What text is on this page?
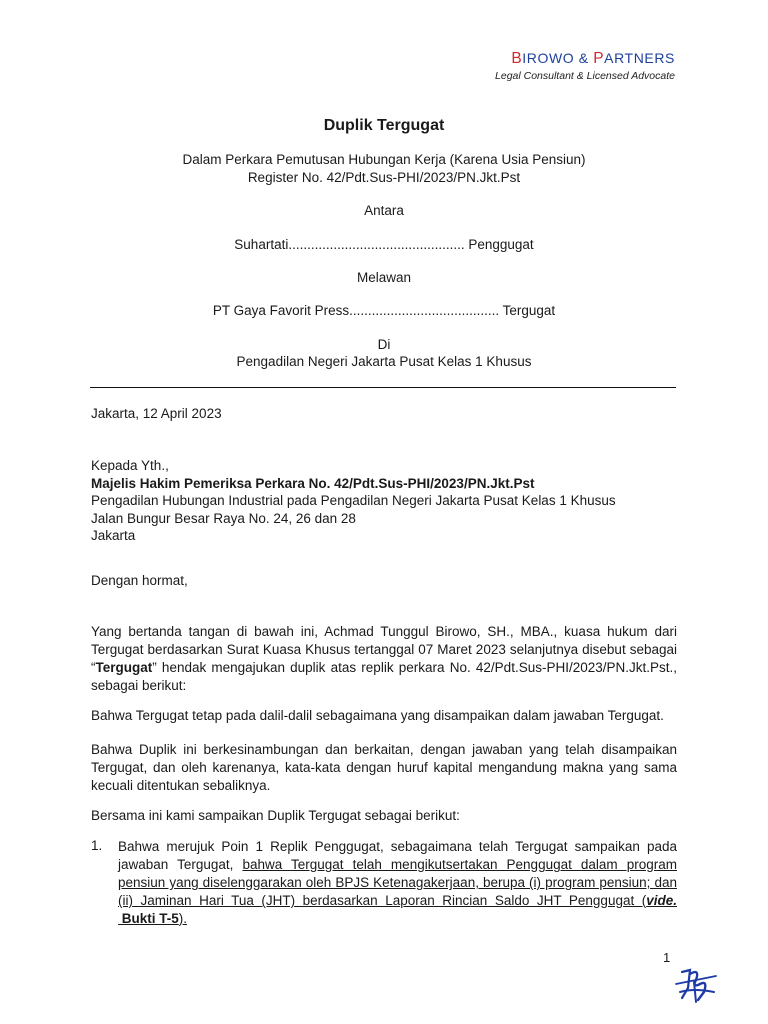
BIROWO & PARTNERS
Legal Consultant & Licensed Advocate
Duplik Tergugat
Dalam Perkara Pemutusan Hubungan Kerja (Karena Usia Pensiun)
Register No. 42/Pdt.Sus-PHI/2023/PN.Jkt.Pst
Antara
Suhartati............................................... Penggugat
Melawan
PT Gaya Favorit Press........................................ Tergugat
Di
Pengadilan Negeri Jakarta Pusat Kelas 1 Khusus
Jakarta, 12 April 2023
Kepada Yth.,
Majelis Hakim Pemeriksa Perkara No. 42/Pdt.Sus-PHI/2023/PN.Jkt.Pst
Pengadilan Hubungan Industrial pada Pengadilan Negeri Jakarta Pusat Kelas 1 Khusus
Jalan Bungur Besar Raya No. 24, 26 dan 28
Jakarta
Dengan hormat,
Yang bertanda tangan di bawah ini, Achmad Tunggul Birowo, SH., MBA., kuasa hukum dari Tergugat berdasarkan Surat Kuasa Khusus tertanggal 07 Maret 2023 selanjutnya disebut sebagai “Tergugat” hendak mengajukan duplik atas replik perkara No. 42/Pdt.Sus-PHI/2023/PN.Jkt.Pst., sebagai berikut:
Bahwa Tergugat tetap pada dalil-dalil sebagaimana yang disampaikan dalam jawaban Tergugat.
Bahwa Duplik ini berkesinambungan dan berkaitan, dengan jawaban yang telah disampaikan Tergugat, dan oleh karenanya, kata-kata dengan huruf kapital mengandung makna yang sama kecuali ditentukan sebaliknya.
Bersama ini kami sampaikan Duplik Tergugat sebagai berikut:
1. Bahwa merujuk Poin 1 Replik Penggugat, sebagaimana telah Tergugat sampaikan pada jawaban Tergugat, bahwa Tergugat telah mengikutsertakan Penggugat dalam program pensiun yang diselenggarakan oleh BPJS Ketenagakerjaan, berupa (i) program pensiun; dan (ii) Jaminan Hari Tua (JHT) berdasarkan Laporan Rincian Saldo JHT Penggugat (vide. Bukti T-5).
1
